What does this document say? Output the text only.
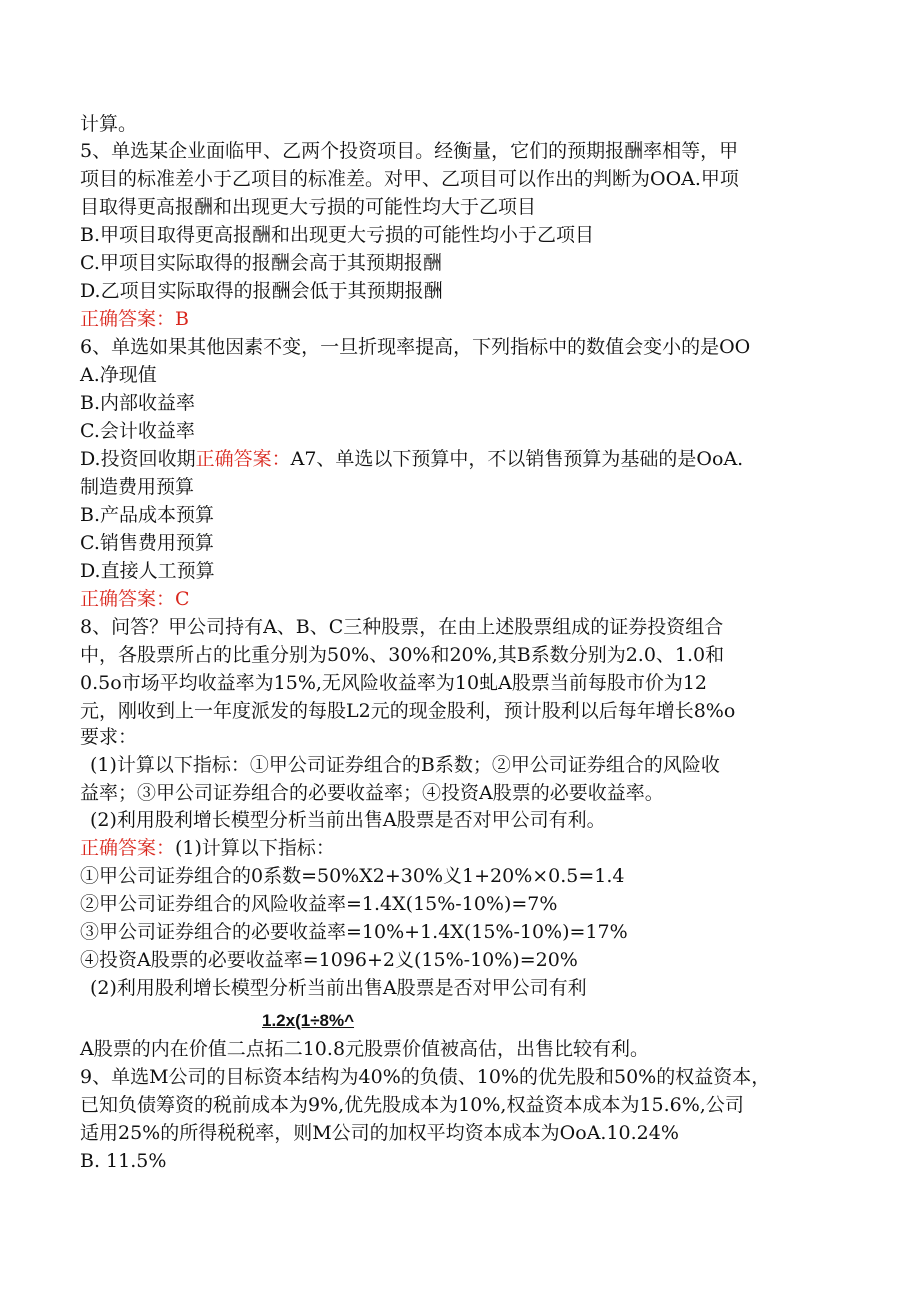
计算。
5、单选某企业面临甲、乙两个投资项目。经衡量，它们的预期报酬率相等，甲
项目的标准差小于乙项目的标准差。对甲、乙项目可以作出的判断为OOA.甲项
目取得更高报酬和出现更大亏损的可能性均大于乙项目
B.甲项目取得更高报酬和出现更大亏损的可能性均小于乙项目
C.甲项目实际取得的报酬会高于其预期报酬
D.乙项目实际取得的报酬会低于其预期报酬
正确答案：B
6、单选如果其他因素不变，一旦折现率提高，下列指标中的数值会变小的是OO
A.净现值
B.内部收益率
C.会计收益率
D.投资回收期正确答案：A7、单选以下预算中，不以销售预算为基础的是OoA.
制造费用预算
B.产品成本预算
C.销售费用预算
D.直接人工预算
正确答案：C
8、问答？甲公司持有A、B、C三种股票，在由上述股票组成的证券投资组合
中，各股票所占的比重分别为50%、30%和20%,其B系数分别为2.0、1.0和
0.5o市场平均收益率为15%,无风险收益率为10虬A股票当前每股市价为12
元，刚收到上一年度派发的每股L2元的现金股利，预计股利以后每年增长8%o
要求：
(1)计算以下指标：①甲公司证券组合的B系数；②甲公司证券组合的风险收
益率；③甲公司证券组合的必要收益率；④投资A股票的必要收益率。
(2)利用股利增长模型分析当前出售A股票是否对甲公司有利。
正确答案：(1)计算以下指标：
①甲公司证券组合的0系数=50%X2+30%义1+20%×0.5=1.4
②甲公司证券组合的风险收益率=1.4X(15%-10%)=7%
③甲公司证券组合的必要收益率=10%+1.4X(15%-10%)=17%
④投资A股票的必要收益率=1096+2义(15%-10%)=20%
(2)利用股利增长模型分析当前出售A股票是否对甲公司有利
1.2x(1÷8%^
A股票的内在价值二点拓二10.8元股票价值被高估，出售比较有利。
9、单选M公司的目标资本结构为40%的负债、10%的优先股和50%的权益资本，
已知负债筹资的税前成本为9%,优先股成本为10%,权益资本成本为15.6%,公司
适用25%的所得税税率，则M公司的加权平均资本成本为OoA.10.24%
B. 11.5%
